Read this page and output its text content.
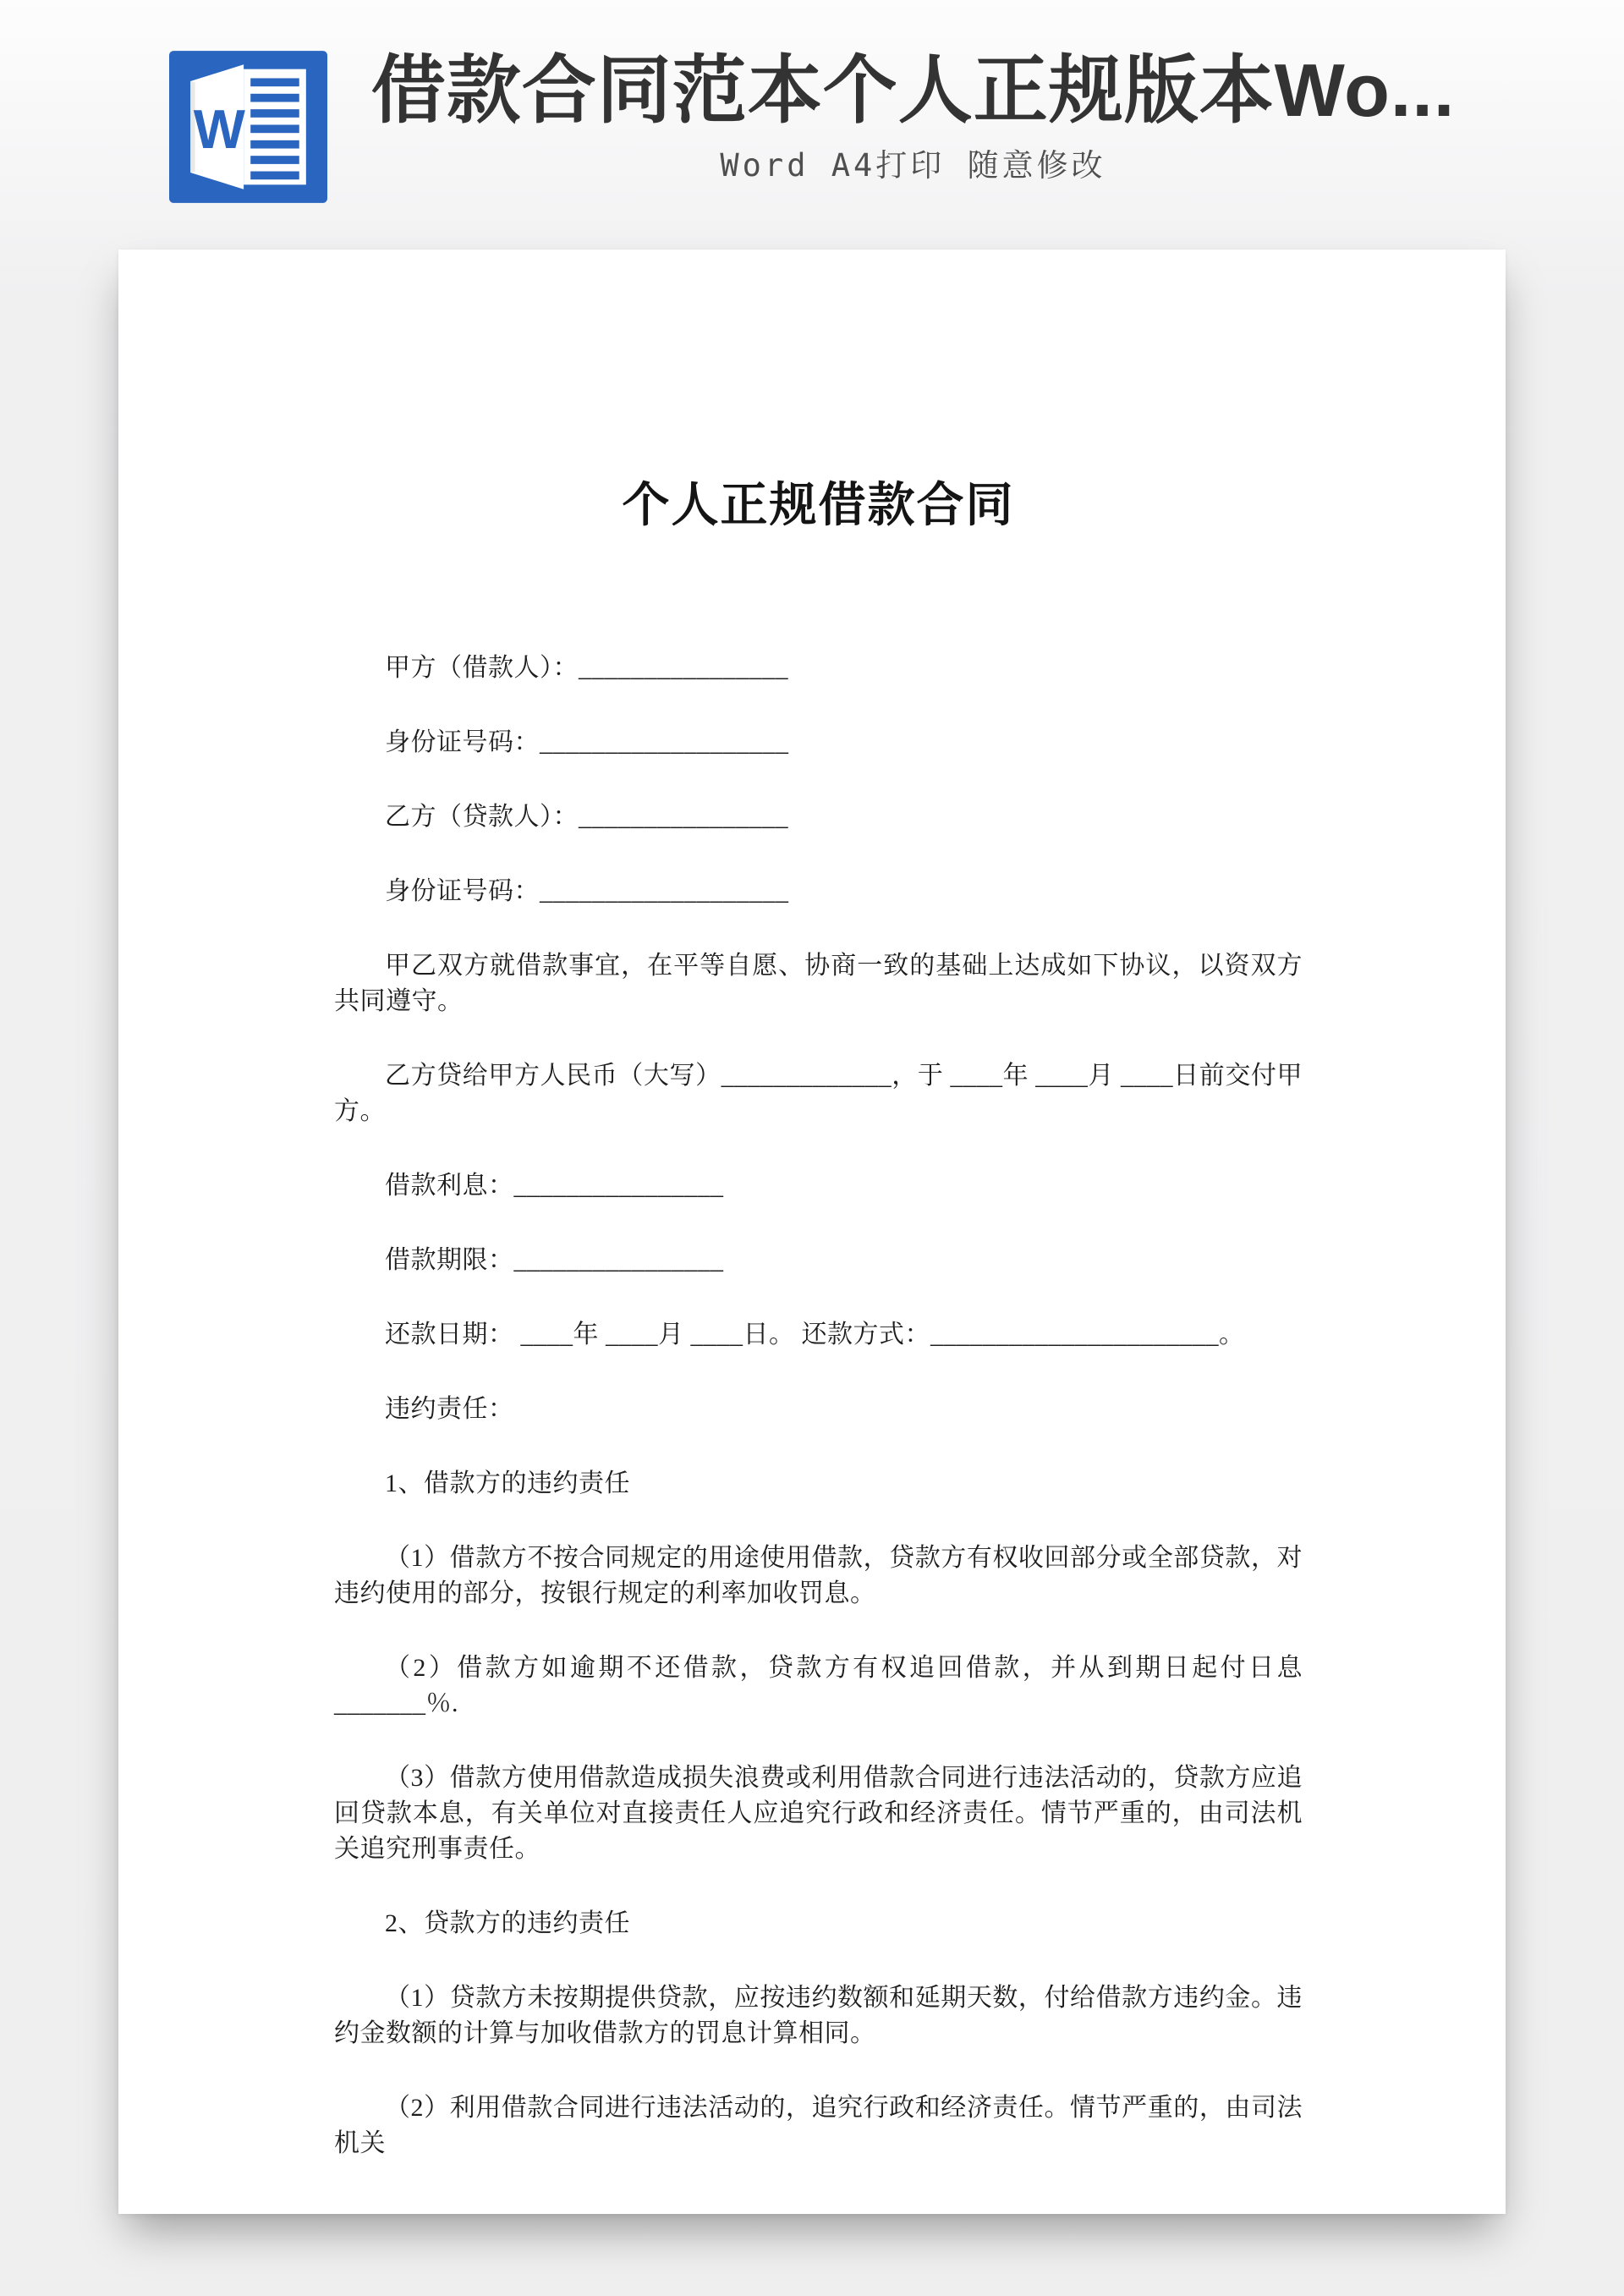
W 借款合同范本个人正规版本Wo...
Word A4打印 随意修改
个人正规借款合同

甲方（借款人）：________________

身份证号码：___________________

乙方（贷款人）：________________

身份证号码：___________________

甲乙双方就借款事宜，在平等自愿、协商一致的基础上达成如下协议，以资双方共同遵守。

乙方贷给甲方人民币（大写）_____________，于 ____年 ____月 ____日前交付甲方。

借款利息：________________

借款期限：________________

还款日期： ____年 ____月 ____日。 还款方式：______________________。

违约责任：

1、借款方的违约责任

（1）借款方不按合同规定的用途使用借款，贷款方有权收回部分或全部贷款，对违约使用的部分，按银行规定的利率加收罚息。

（2）借款方如逾期不还借款，贷款方有权追回借款，并从到期日起付日息_______％.

（3）借款方使用借款造成损失浪费或利用借款合同进行违法活动的，贷款方应追回贷款本息，有关单位对直接责任人应追究行政和经济责任。情节严重的，由司法机关追究刑事责任。

2、贷款方的违约责任

（1）贷款方未按期提供贷款，应按违约数额和延期天数，付给借款方违约金。违约金数额的计算与加收借款方的罚息计算相同。

（2）利用借款合同进行违法活动的，追究行政和经济责任。情节严重的，由司法机关
